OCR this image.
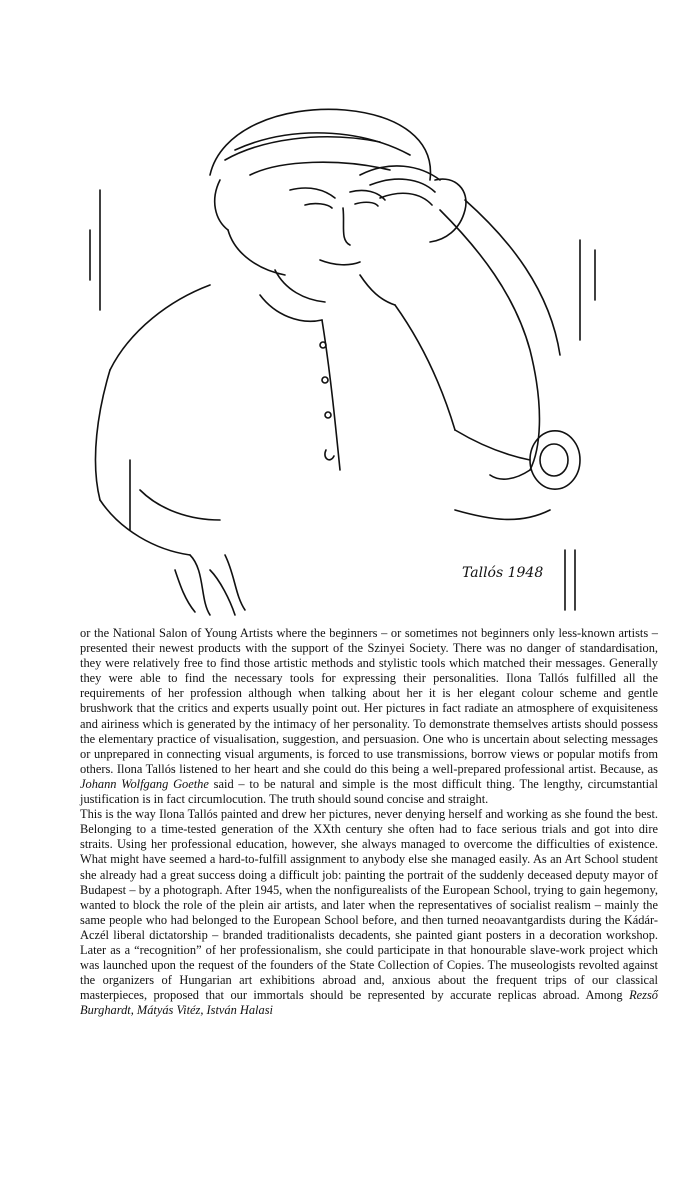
Tallós 1948

or the National Salon of Young Artists where the beginners – or sometimes not beginners only less-known artists – presented their newest products with the support of the Szinyei Society. There was no danger of standardisation, they were relatively free to find those artistic methods and stylistic tools which matched their messages. Generally they were able to find the necessary tools for expressing their personalities. Ilona Tallós fulfilled all the requirements of her profession although when talking about her it is her elegant colour scheme and gentle brushwork that the critics and experts usually point out. Her pictures in fact radiate an atmosphere of exquisiteness and airiness which is generated by the intimacy of her personality. To demonstrate themselves artists should possess the elementary practice of visualisation, suggestion, and persuasion. One who is uncertain about selecting messages or unprepared in connecting visual arguments, is forced to use transmissions, borrow views or popular motifs from others. Ilona Tallós listened to her heart and she could do this being a well-prepared professional artist. Because, as Johann Wolfgang Goethe said – to be natural and simple is the most difficult thing. The lengthy, circumstantial justification is in fact circumlocution. The truth should sound concise and straight.

This is the way Ilona Tallós painted and drew her pictures, never denying herself and working as she found the best. Belonging to a time-tested generation of the XXth century she often had to face serious trials and got into dire straits. Using her professional education, however, she always managed to overcome the difficulties of existence. What might have seemed a hard-to-fulfill assignment to anybody else she managed easily. As an Art School student she already had a great success doing a difficult job: painting the portrait of the suddenly deceased deputy mayor of Budapest – by a photograph. After 1945, when the nonfigurealists of the European School, trying to gain hegemony, wanted to block the role of the plein air artists, and later when the representatives of socialist realism – mainly the same people who had belonged to the European School before, and then turned neoavantgardists during the Kádár-Aczél liberal dictatorship – branded traditionalists decadents, she painted giant posters in a decoration workshop. Later as a “recognition” of her professionalism, she could participate in that honourable slave-work project which was launched upon the request of the founders of the State Collection of Copies. The museologists revolted against the organizers of Hungarian art exhibitions abroad and, anxious about the frequent trips of our classical masterpieces, proposed that our immortals should be represented by accurate replicas abroad. Among Rezső Burghardt, Mátyás Vitéz, István Halasi
